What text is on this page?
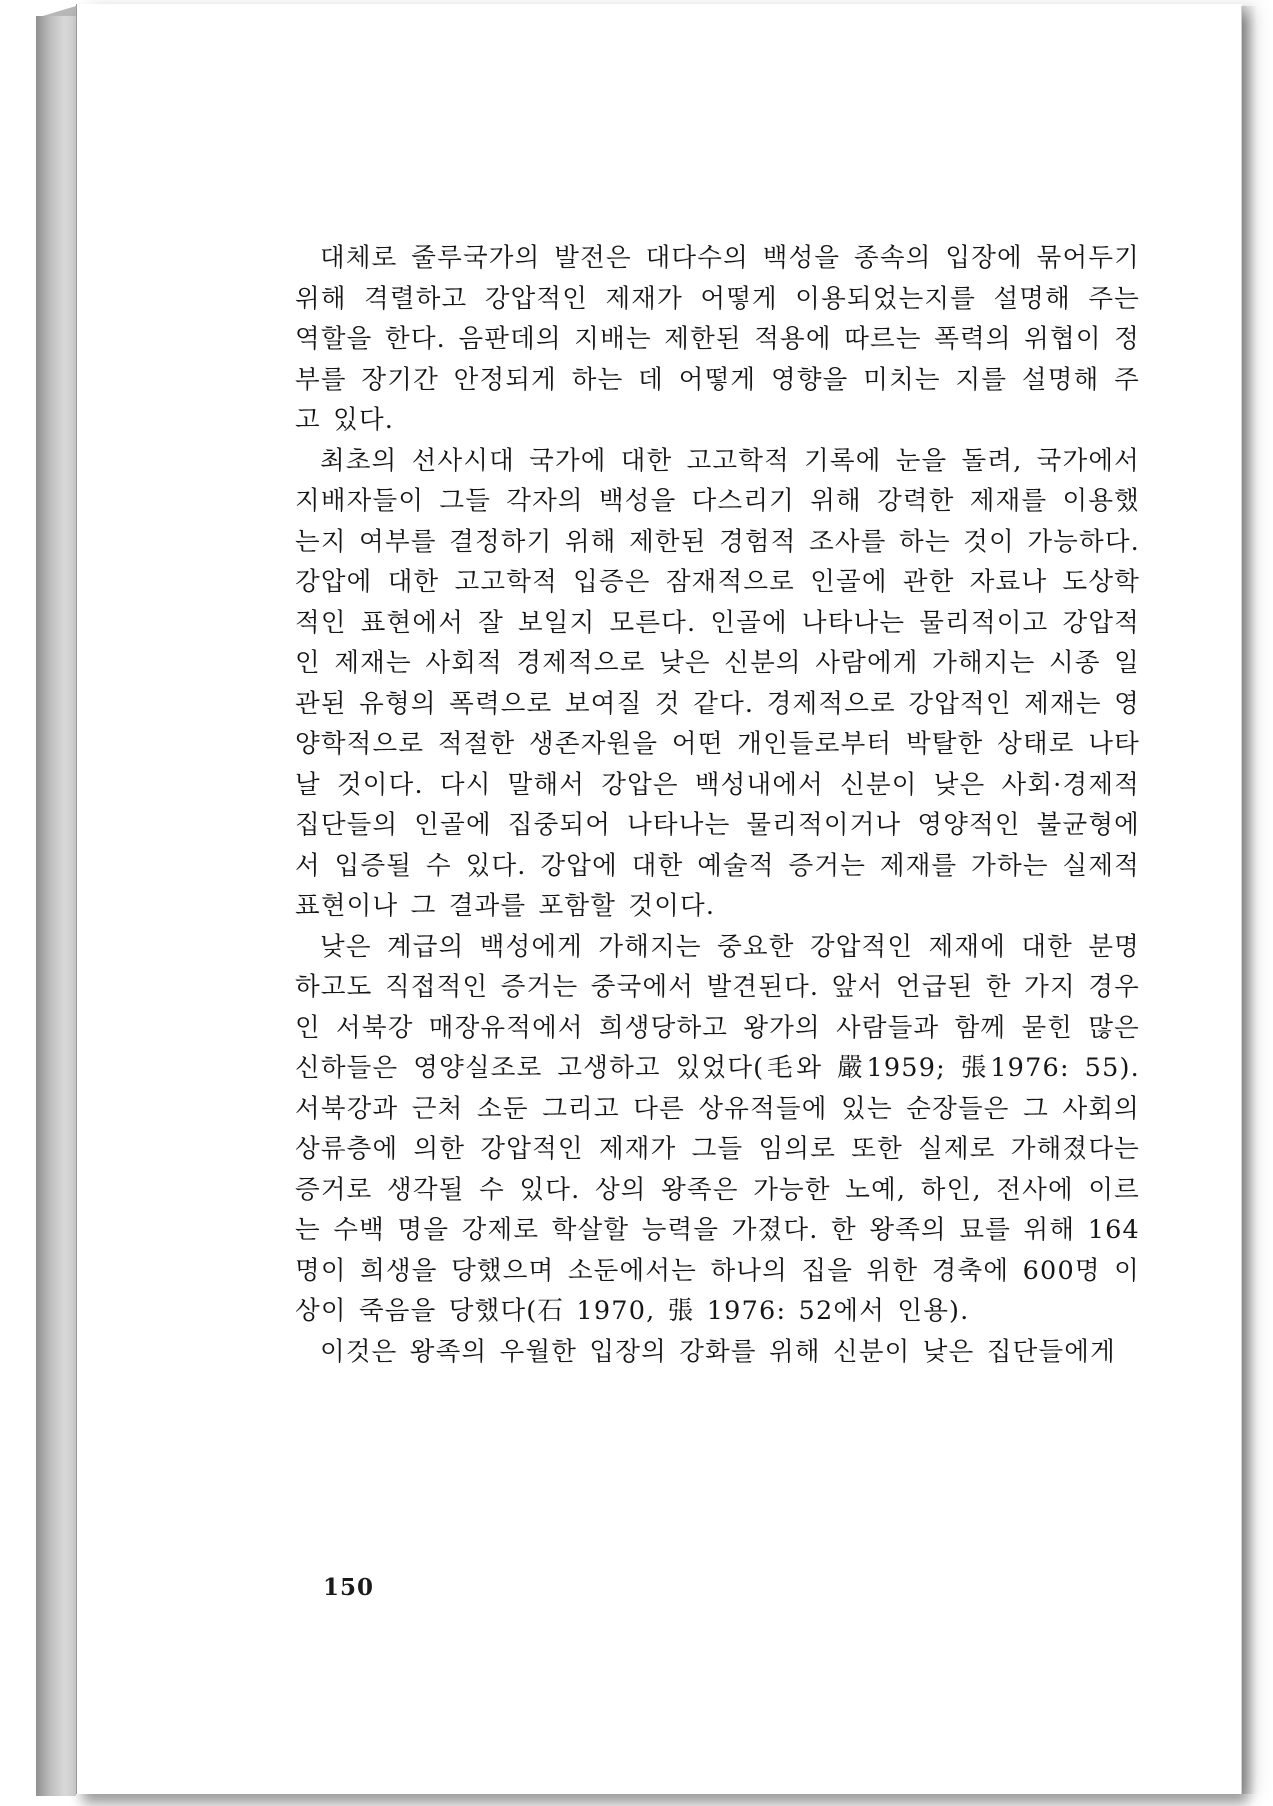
대체로 줄루국가의 발전은 대다수의 백성을 종속의 입장에 묶어두기 위해 격렬하고 강압적인 제재가 어떻게 이용되었는지를 설명해 주는 역할을 한다. 음판데의 지배는 제한된 적용에 따르는 폭력의 위협이 정부를 장기간 안정되게 하는 데 어떻게 영향을 미치는 지를 설명해 주고 있다.

최초의 선사시대 국가에 대한 고고학적 기록에 눈을 돌려, 국가에서 지배자들이 그들 각자의 백성을 다스리기 위해 강력한 제재를 이용했는지 여부를 결정하기 위해 제한된 경험적 조사를 하는 것이 가능하다. 강압에 대한 고고학적 입증은 잠재적으로 인골에 관한 자료나 도상학적인 표현에서 잘 보일지 모른다. 인골에 나타나는 물리적이고 강압적인 제재는 사회적 경제적으로 낮은 신분의 사람에게 가해지는 시종 일관된 유형의 폭력으로 보여질 것 같다. 경제적으로 강압적인 제재는 영양학적으로 적절한 생존자원을 어떤 개인들로부터 박탈한 상태로 나타날 것이다. 다시 말해서 강압은 백성내에서 신분이 낮은 사회·경제적 집단들의 인골에 집중되어 나타나는 물리적이거나 영양적인 불균형에서 입증될 수 있다. 강압에 대한 예술적 증거는 제재를 가하는 실제적 표현이나 그 결과를 포함할 것이다.

낮은 계급의 백성에게 가해지는 중요한 강압적인 제재에 대한 분명하고도 직접적인 증거는 중국에서 발견된다. 앞서 언급된 한 가지 경우인 서북강 매장유적에서 희생당하고 왕가의 사람들과 함께 묻힌 많은 신하들은 영양실조로 고생하고 있었다(毛와 嚴1959; 張1976: 55). 서북강과 근처 소둔 그리고 다른 상유적들에 있는 순장들은 그 사회의 상류층에 의한 강압적인 제재가 그들 임의로 또한 실제로 가해졌다는 증거로 생각될 수 있다. 상의 왕족은 가능한 노예, 하인, 전사에 이르는 수백 명을 강제로 학살할 능력을 가졌다. 한 왕족의 묘를 위해 164명이 희생을 당했으며 소둔에서는 하나의 집을 위한 경축에 600명 이상이 죽음을 당했다(石 1970, 張 1976: 52에서 인용).

이것은 왕족의 우월한 입장의 강화를 위해 신분이 낮은 집단들에게

150
